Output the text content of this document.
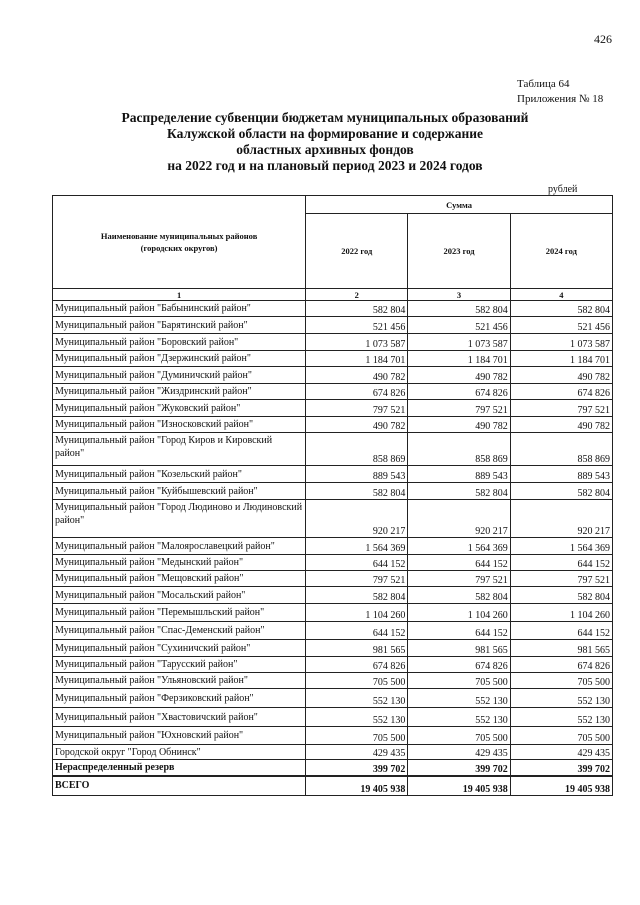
426
Таблица 64
Приложения № 18
Распределение субвенции бюджетам муниципальных образований
Калужской области на формирование и содержание
областных архивных фондов
на 2022 год и на плановый период 2023 и 2024 годов
рублей
Наименование муниципальных районов
(городских округов)	Сумма		
	2022 год	2023 год	2024 год
1	2	3	4
Муниципальный район "Бабынинский район"	582 804	582 804	582 804
Муниципальный район "Барятинский район"	521 456	521 456	521 456
Муниципальный район "Боровский район"	1 073 587	1 073 587	1 073 587
Муниципальный район "Дзержинский район"	1 184 701	1 184 701	1 184 701
Муниципальный район "Думиничский район"	490 782	490 782	490 782
Муниципальный район "Жиздринский район"	674 826	674 826	674 826
Муниципальный район "Жуковский район"	797 521	797 521	797 521
Муниципальный район "Износковский район"	490 782	490 782	490 782
Муниципальный район "Город Киров и Кировский район"	858 869	858 869	858 869
Муниципальный район "Козельский район"	889 543	889 543	889 543
Муниципальный район "Куйбышевский район"	582 804	582 804	582 804
Муниципальный район "Город Людиново и Людиновский район"	920 217	920 217	920 217
Муниципальный район "Малоярославецкий район"	1 564 369	1 564 369	1 564 369
Муниципальный район "Медынский район"	644 152	644 152	644 152
Муниципальный район "Мещовский район"	797 521	797 521	797 521
Муниципальный район "Мосальский район"	582 804	582 804	582 804
Муниципальный район "Перемышльский район"	1 104 260	1 104 260	1 104 260
Муниципальный район "Спас-Деменский район"	644 152	644 152	644 152
Муниципальный район "Сухиничский район"	981 565	981 565	981 565
Муниципальный район "Тарусский район"	674 826	674 826	674 826
Муниципальный район "Ульяновский район"	705 500	705 500	705 500
Муниципальный район "Ферзиковский район"	552 130	552 130	552 130
Муниципальный район "Хвастовичский район"	552 130	552 130	552 130
Муниципальный район "Юхновский район"	705 500	705 500	705 500
Городской округ "Город Обнинск"	429 435	429 435	429 435
Нераспределенный резерв	399 702	399 702	399 702
ВСЕГО	19 405 938	19 405 938	19 405 938
